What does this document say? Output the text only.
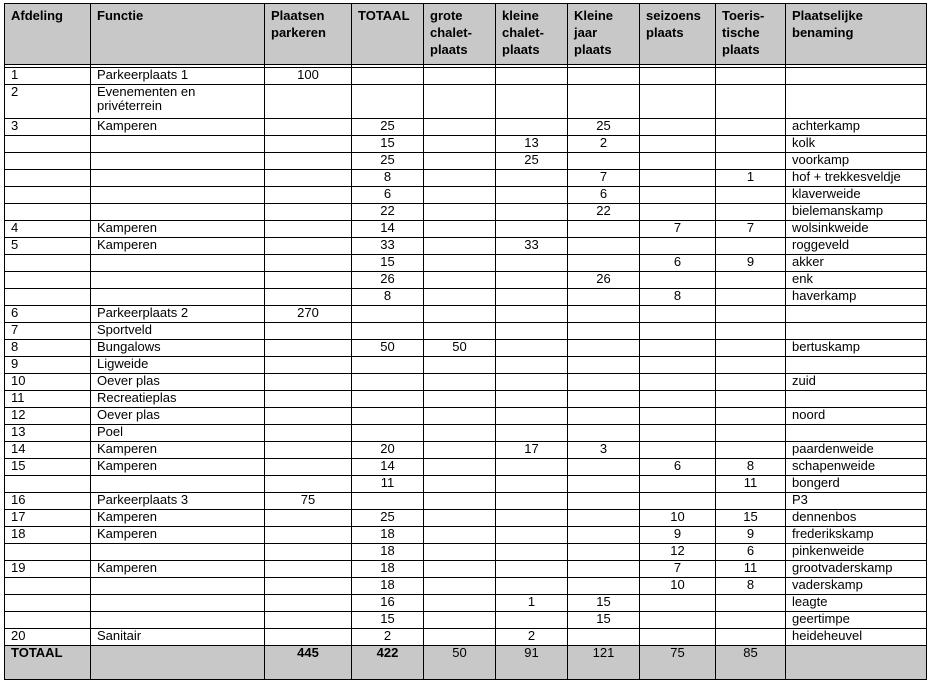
Afdeling	Functie	Plaatsen parkeren	TOTAAL	grote chalet-plaats	kleine chalet-plaats	Kleine jaar plaats	seizoens plaats	Toeris-tische plaats	Plaatselijke benaming

1	Parkeerplaats 1	100							
2	Evenementen en privéterrein								
3	Kamperen		25			25			achterkamp
			15		13	2			kolk
			25		25				voorkamp
			8			7		1	hof + trekkesveldje
			6			6			klaverweide
			22			22			bielemanskamp
4	Kamperen		14				7	7	wolsinkweide
5	Kamperen		33		33				roggeveld
			15				6	9	akker
			26			26			enk
			8				8		haverkamp
6	Parkeerplaats 2	270							
7	Sportveld								
8	Bungalows		50	50					bertuskamp
9	Ligweide								
10	Oever plas								zuid
11	Recreatieplas								
12	Oever plas								noord
13	Poel								
14	Kamperen		20		17	3			paardenweide
15	Kamperen		14				6	8	schapenweide
			11					11	bongerd
16	Parkeerplaats 3	75							P3
17	Kamperen		25				10	15	dennenbos
18	Kamperen		18				9	9	frederikskamp
			18				12	6	pinkenweide
19	Kamperen		18				7	11	grootvaderskamp
			18				10	8	vaderskamp
			16		1	15			leagte
			15			15			geertimpe
20	Sanitair		2		2				heideheuvel
TOTAAL		445	422	50	91	121	75	85	
